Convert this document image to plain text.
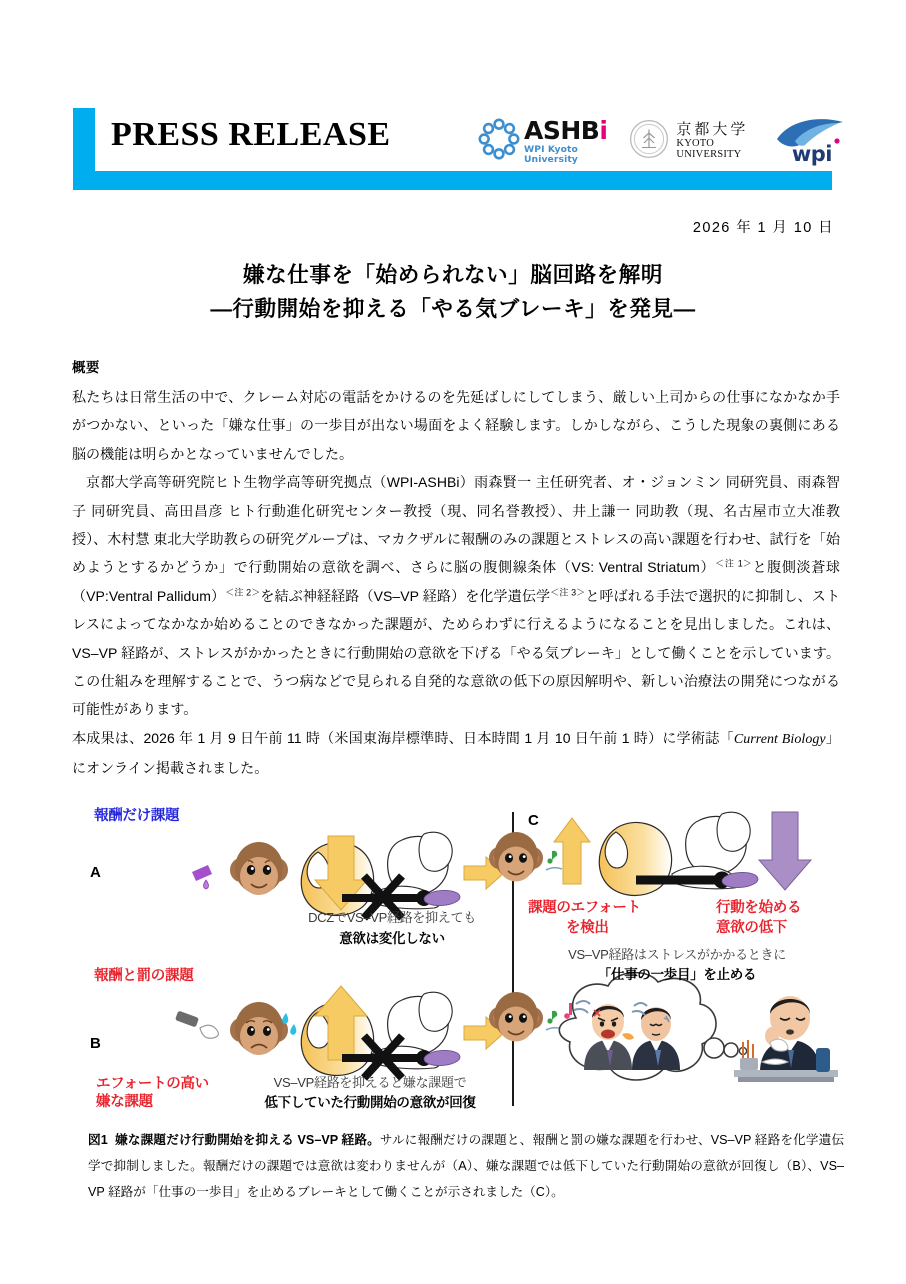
PRESS RELEASE	ASHBi
WPI Kyoto University
京都大学
KYOTO UNIVERSITY	wpi
2026 年 1 月 10 日
嫌な仕事を「始められない」脳回路を解明
―行動開始を抑える「やる気ブレーキ」を発見―
概要

私たちは日常生活の中で、クレーム対応の電話をかけるのを先延ばしにしてしまう、厳しい上司からの仕事になかなか手がつかない、といった「嫌な仕事」の一歩目が出ない場面をよく経験します。しかしながら、こうした現象の裏側にある脳の機能は明らかとなっていませんでした。

京都大学高等研究院ヒト生物学高等研究拠点（WPI-ASHBi）雨森賢一 主任研究者、オ・ジョンミン 同研究員、雨森智子 同研究員、高田昌彦 ヒト行動進化研究センター教授（現、同名誉教授）、井上謙一 同助教（現、名古屋市立大准教授）、木村慧 東北大学助教らの研究グループは、マカクザルに報酬のみの課題とストレスの高い課題を行わせ、試行を「始めようとするかどうか」で行動開始の意欲を調べ、さらに脳の腹側線条体（VS: Ventral Striatum）$^{<注 1>}$と腹側淡蒼球（VP:Ventral Pallidum）$^{<注 2>}$を結ぶ神経経路（VS–VP 経路）を化学遺伝学$^{<注 3>}$と呼ばれる手法で選択的に抑制し、ストレスによってなかなか始めることのできなかった課題が、ためらわずに行えるようになることを見出しました。これは、VS–VP 経路が、ストレスがかかったときに行動開始の意欲を下げる「やる気ブレーキ」として働くことを示しています。この仕組みを理解することで、うつ病などで見られる自発的な意欲の低下の原因解明や、新しい治療法の開発につながる可能性があります。

本成果は、2026 年 1 月 9 日午前 11 時（米国東海岸標準時、日本時間 1 月 10 日午前 1 時）に学術誌「Current Biology」にオンライン掲載されました。

A
報酬だけ課題
DCZでVS–VP経路を抑えても
意欲は変化しない
B
報酬と罰の課題
エフォートの高い
嫌な課題
VS–VP経路を抑えると嫌な課題で
低下していた行動開始の意欲が回復
C
課題のエフォート
を検出
行動を始める
意欲の低下
VS–VP経路はストレスがかかるときに
「仕事の一歩目」を止める
図1 嫌な課題だけ行動開始を抑える VS–VP 経路。サルに報酬だけの課題と、報酬と罰の嫌な課題を行わせ、VS–VP 経路を化学遺伝学で抑制しました。報酬だけの課題では意欲は変わりませんが（A）、嫌な課題では低下していた行動開始の意欲が回復し（B）、VS–VP 経路が「仕事の一歩目」を止めるブレーキとして働くことが示されました（C）。
